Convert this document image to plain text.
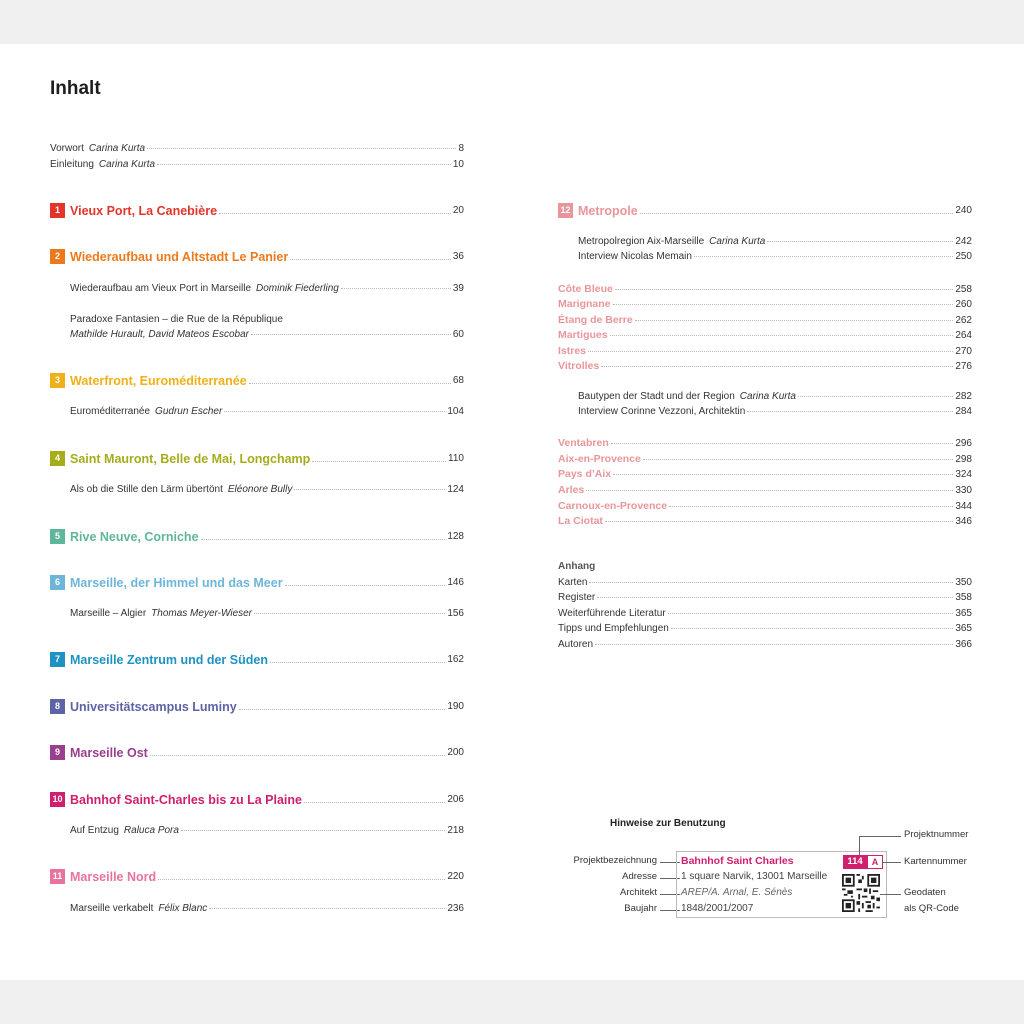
Inhalt
Vorwort  Carina Kurta	8
Einleitung  Carina Kurta	10
1 Vieux Port, La Canebière	20
2 Wiederaufbau und Altstadt Le Panier	36
Wiederaufbau am Vieux Port in Marseille  Dominik Fiederling	39
Paradoxe Fantasien – die Rue de la République
Mathilde Hurault, David Mateos Escobar	60
3 Waterfront, Euroméditerranée	68
Euroméditerranée  Gudrun Escher	104
4 Saint Mauront, Belle de Mai, Longchamp	110
Als ob die Stille den Lärm übertönt  Eléonore Bully	124
5 Rive Neuve, Corniche	128
6 Marseille, der Himmel und das Meer	146
Marseille – Algier  Thomas Meyer-Wieser	156
7 Marseille Zentrum und der Süden	162
8 Universitätscampus Luminy	190
9 Marseille Ost	200
10 Bahnhof Saint-Charles bis zu La Plaine	206
Auf Entzug  Raluca Pora	218
11 Marseille Nord	220
Marseille verkabelt  Félix Blanc	236
12 Metropole	240
Metropolregion Aix-Marseille  Carina Kurta	242
Interview Nicolas Memain	250
Côte Bleue	258
Marignane	260
Étang de Berre	262
Martigues	264
Istres	270
Vitrolles	276
Bautypen der Stadt und der Region  Carina Kurta	282
Interview Corinne Vezzoni, Architektin	284
Ventabren	296
Aix-en-Provence	298
Pays d’Aix	324
Arles	330
Carnoux-en-Provence	344
La Ciotat	346
Karten	350
Register	358
Weiterführende Literatur	365
Tipps und Empfehlungen	365
Autoren	366
Anhang
Hinweise zur Benutzung
Projektbezeichnung
Adresse
Architekt
Baujahr
Bahnhof Saint Charles
1 square Narvik, 13001 Marseille
AREP/A. Arnal, E. Sénès
1848/2001/2007
114	A
Projektnummer
Kartennummer
Geodaten
als QR-Code
